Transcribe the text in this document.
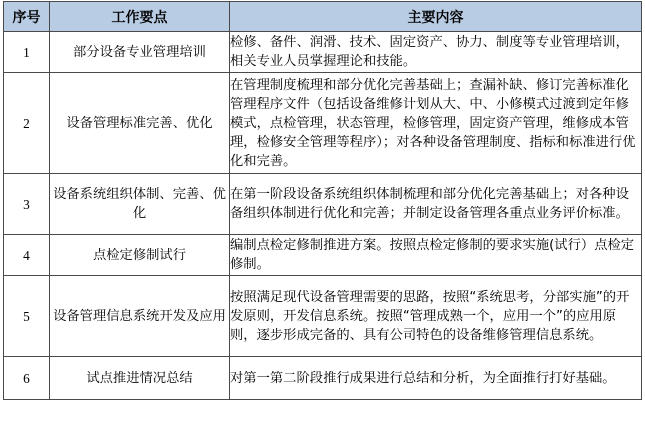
序号	工作要点	主要内容
1	部分设备专业管理培训	检修、备件、润滑、技术、固定资产、协力、制度等专业管理培训，相关专业人员掌握理论和技能。
2	设备管理标准完善、优化	在管理制度梳理和部分优化完善基础上；查漏补缺、修订完善标准化管理程序文件（包括设备维修计划从大、中、小修模式过渡到定年修模式，点检管理，状态管理，检修管理，固定资产管理，维修成本管理，检修安全管理等程序）；对各种设备管理制度、指标和标准进行优化和完善。
3	设备系统组织体制、完善、优化	在第一阶段设备系统组织体制梳理和部分优化完善基础上；对各种设备组织体制进行优化和完善；并制定设备管理各重点业务评价标准。
4	点检定修制试行	编制点检定修制推进方案。按照点检定修制的要求实施(试行）点检定修制。
5	设备管理信息系统开发及应用	按照满足现代设备管理需要的思路，按照“系统思考，分部实施”的开发原则，开发信息系统。按照“管理成熟一个，应用一个”的应用原则，逐步形成完备的、具有公司特色的设备维修管理信息系统。
6	试点推进情况总结	对第一第二阶段推行成果进行总结和分析，为全面推行打好基础。
